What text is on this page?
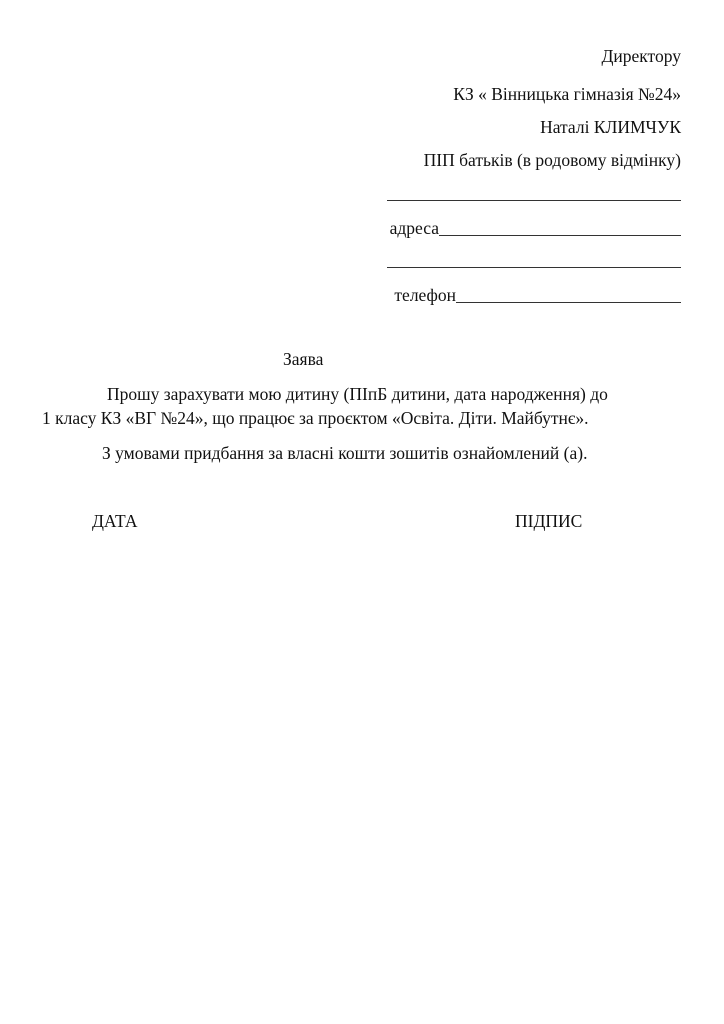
Директору
КЗ « Вінницька гімназія №24»
Наталі КЛИМЧУК
ПІП батьків (в родовому відмінку)
адреса
телефон
Заява
Прошу зарахувати мою дитину (ПІпБ дитини, дата народження) до
1 класу КЗ «ВГ №24», що працює за проєктом «Освіта. Діти. Майбутнє».
З умовами придбання за власні кошти зошитів ознайомлений (а).
ДАТА	ПІДПИС
